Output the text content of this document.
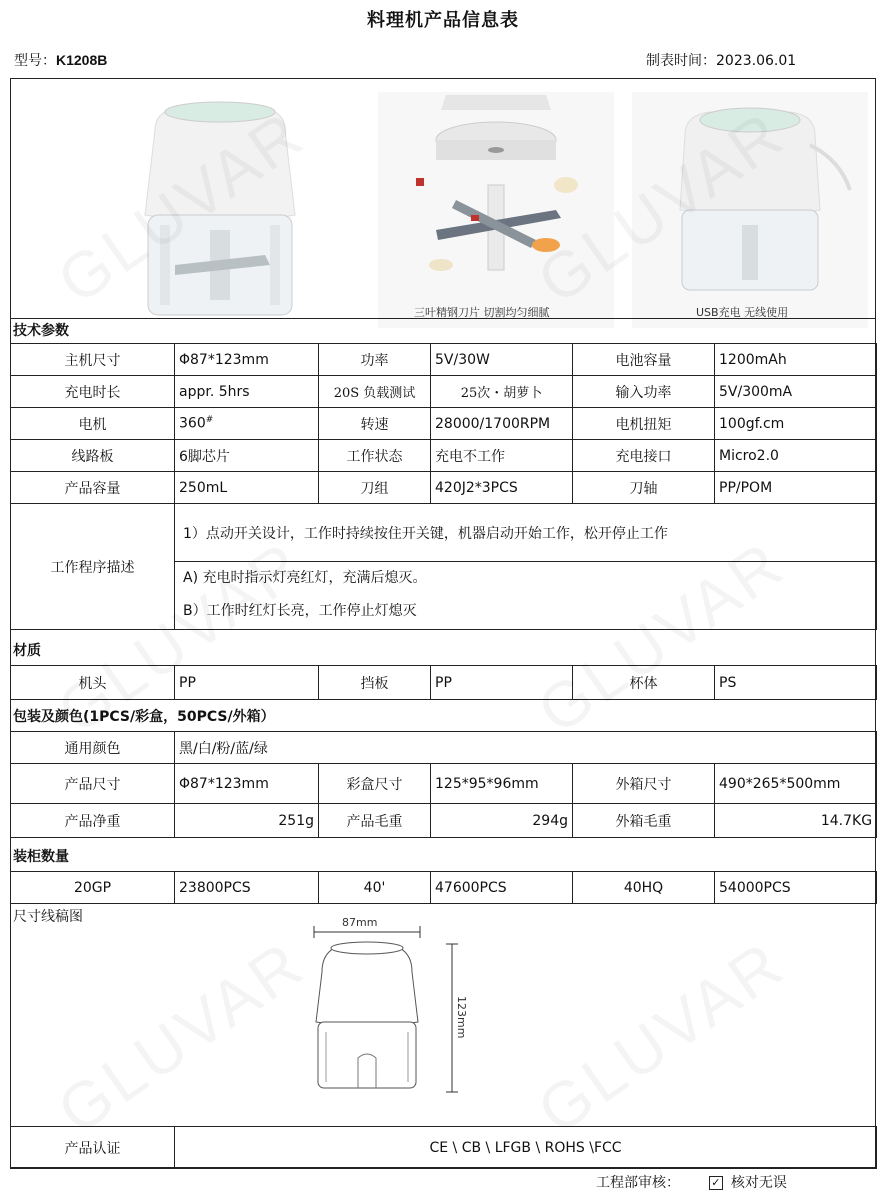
料理机产品信息表
型号：K1208B	制表时间：2023.06.01
三叶精钢刀片 切割均匀细腻	USB充电 无线使用
技术参数
主机尺寸	Φ87*123mm	功率	5V/30W	电池容量	1200mAh
充电时长	appr. 5hrs	20S 负载测试	25次・胡萝卜	输入功率	5V/300mA
电机	360#	转速	28000/1700RPM	电机扭矩	100gf.cm
线路板	6脚芯片	工作状态	充电不工作	充电接口	Micro2.0
产品容量	250mL	刀组	420J2*3PCS	刀轴	PP/POM
工作程序描述	1）点动开关设计，工作时持续按住开关键，机器启动开始工作，松开停止工作
A) 充电时指示灯亮红灯，充满后熄灭。
B）工作时红灯长亮，工作停止灯熄灭
材质
机头	PP	挡板	PP	杯体	PS
包装及颜色(1PCS/彩盒，50PCS/外箱）
通用颜色	黑/白/粉/蓝/绿				
产品尺寸	Φ87*123mm	彩盒尺寸	125*95*96mm	外箱尺寸	490*265*500mm
产品净重	251g	产品毛重	294g	外箱毛重	14.7KG
装柜数量
20GP	23800PCS	40'	47600PCS	40HQ	54000PCS
尺寸线稿图	87mm
123mm
产品认证	CE \ CB \ LFGB \ ROHS \FCC
工程部审核：	✓ 核对无误
